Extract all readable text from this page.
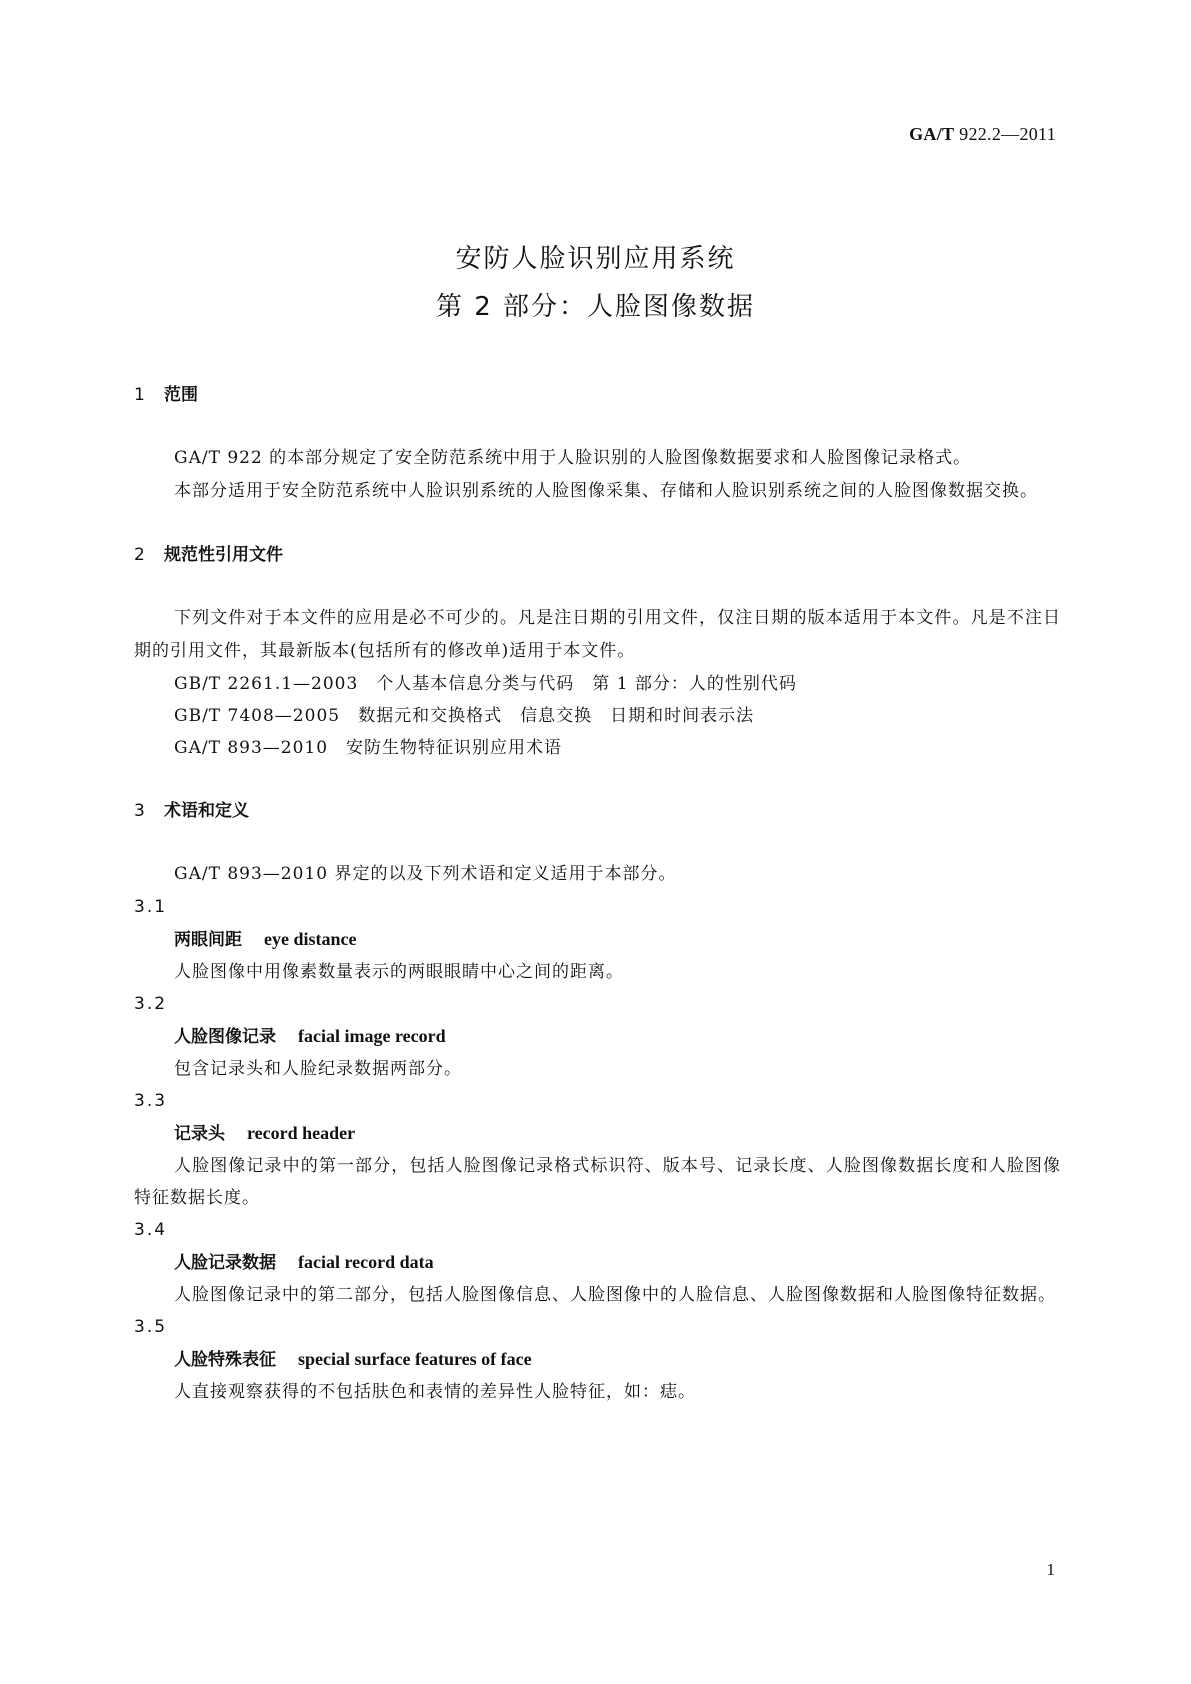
GA/T 922.2—2011
安防人脸识别应用系统
第 2 部分：人脸图像数据
1 范围
GA/T 922 的本部分规定了安全防范系统中用于人脸识别的人脸图像数据要求和人脸图像记录格式。
本部分适用于安全防范系统中人脸识别系统的人脸图像采集、存储和人脸识别系统之间的人脸图像数据交换。
2 规范性引用文件
下列文件对于本文件的应用是必不可少的。凡是注日期的引用文件，仅注日期的版本适用于本文件。凡是不注日期的引用文件，其最新版本(包括所有的修改单)适用于本文件。
GB/T 2261.1—2003　个人基本信息分类与代码　第 1 部分：人的性别代码
GB/T 7408—2005　数据元和交换格式　信息交换　日期和时间表示法
GA/T 893—2010　安防生物特征识别应用术语
3 术语和定义
GA/T 893—2010 界定的以及下列术语和定义适用于本部分。
3.1
两眼间距 eye distance
人脸图像中用像素数量表示的两眼眼睛中心之间的距离。
3.2
人脸图像记录 facial image record
包含记录头和人脸纪录数据两部分。
3.3
记录头 record header
人脸图像记录中的第一部分，包括人脸图像记录格式标识符、版本号、记录长度、人脸图像数据长度和人脸图像特征数据长度。
3.4
人脸记录数据 facial record data
人脸图像记录中的第二部分，包括人脸图像信息、人脸图像中的人脸信息、人脸图像数据和人脸图像特征数据。
3.5
人脸特殊表征 special surface features of face
人直接观察获得的不包括肤色和表情的差异性人脸特征，如：痣。
1
